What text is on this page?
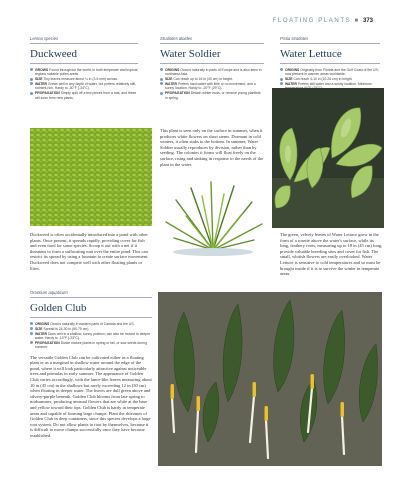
FLOATING PLANTS ■ 373
Lemna species
Duckweed
GROWS Found throughout the world, in both temperate and tropical regions suitable pollen areas.
SIZE Tiny leaves measure about ¼ in (3-5 mm) across.
WATER Grows well in any depth of water, but prefers relatively still, nutrient-rich. Hardy to -30°F (-34°C).
PROPAGATION Simply split off a few pieces from a mat, and these will soon form new plants.
Stratiotes aloides
Water Soldier
ORIGINS Occurs naturally in parts of Europe and is also seen in northwest Asia.
SIZE Can reach up to 16 in (40 cm) in height.
WATER Prefers hard water with little or no movement, and a sunny location. Hardy to -20°F (29°C).
PROPAGATION Detach winter buds, or remove young plantlets in spring.
Pistia stratiotes
Water Lettuce
ORIGINS Originally from Florida and the Gulf Coast of the US; now present in warmer areas worldwide.
SIZE Can reach 4-10 in (10-25 cm) in height.
WATER Prefers still water and a sunny location. Minimum
This plant is seen only on the surface in summer, when it produces white flowers on short stems. Dormant in cold winters, it often sinks to the bottom. In summer, Water Soldier usually reproduces by division, rather than by seeding. The colonies it forms will float freely on the surface, rising and sinking in response to the needs of the plant in the water.
Duckweed is often accidentally introduced into a pond with other plants. Once present, it spreads rapidly, providing cover for fish and even food for some species. Scoop it out with a net if it threatens to form a suffocating mat over the entire pond. This can restrict its spread by using a fountain to create surface movement. Duckweed does not compete well with other floating plants or lilies.
The green, velvety leaves of Water Lettuce grow in the form of a rosette above the water's surface, while its long, feathery roots, measuring up to 18 in (45 cm) long, provide valuable breeding sites and cover for fish. The small, whitish flowers are easily overlooked. Water Lettuce is sensitive to cold temperatures and so must be brought inside if it is to survive the winter in temperate areas.
Orontium aquaticum
Golden Club
ORIGINS Occurs naturally in eastern parts of Canada and the US.
SIZE Spread is 24-30 in (60-75 cm).
WATER Does well in a shallow, sunny position; can also be moved to deeper water. Hardy to -10°F (-23°C).
PROPAGATION Divide mature plants in spring or fall, or sow seeds during summer.
The versatile Golden Club can be cultivated either as a floating plant or as a marginal in shallow water around the edge of the pond, where it will look particularly attractive against noticeable trees and primulas in early summer. The appearance of Golden Club varies accordingly, with the lance-like leaves measuring about 10 in (45 cm) in the shallows but rarely exceeding 12 in (30 cm) when floating in deeper water. The leaves are dull green above and silvery-purple beneath. Golden Club blooms from late spring to midsummer, producing unusual flowers that are white at the base and yellow toward their tips. Golden Club is hardy in temperate areas and capable of forming large clumps. Plant the rhizomes of Golden Club in deep containers, since this species develops a large root system. Do not allow plants to root by themselves, because it is difficult to move clumps successfully once they have become established.
